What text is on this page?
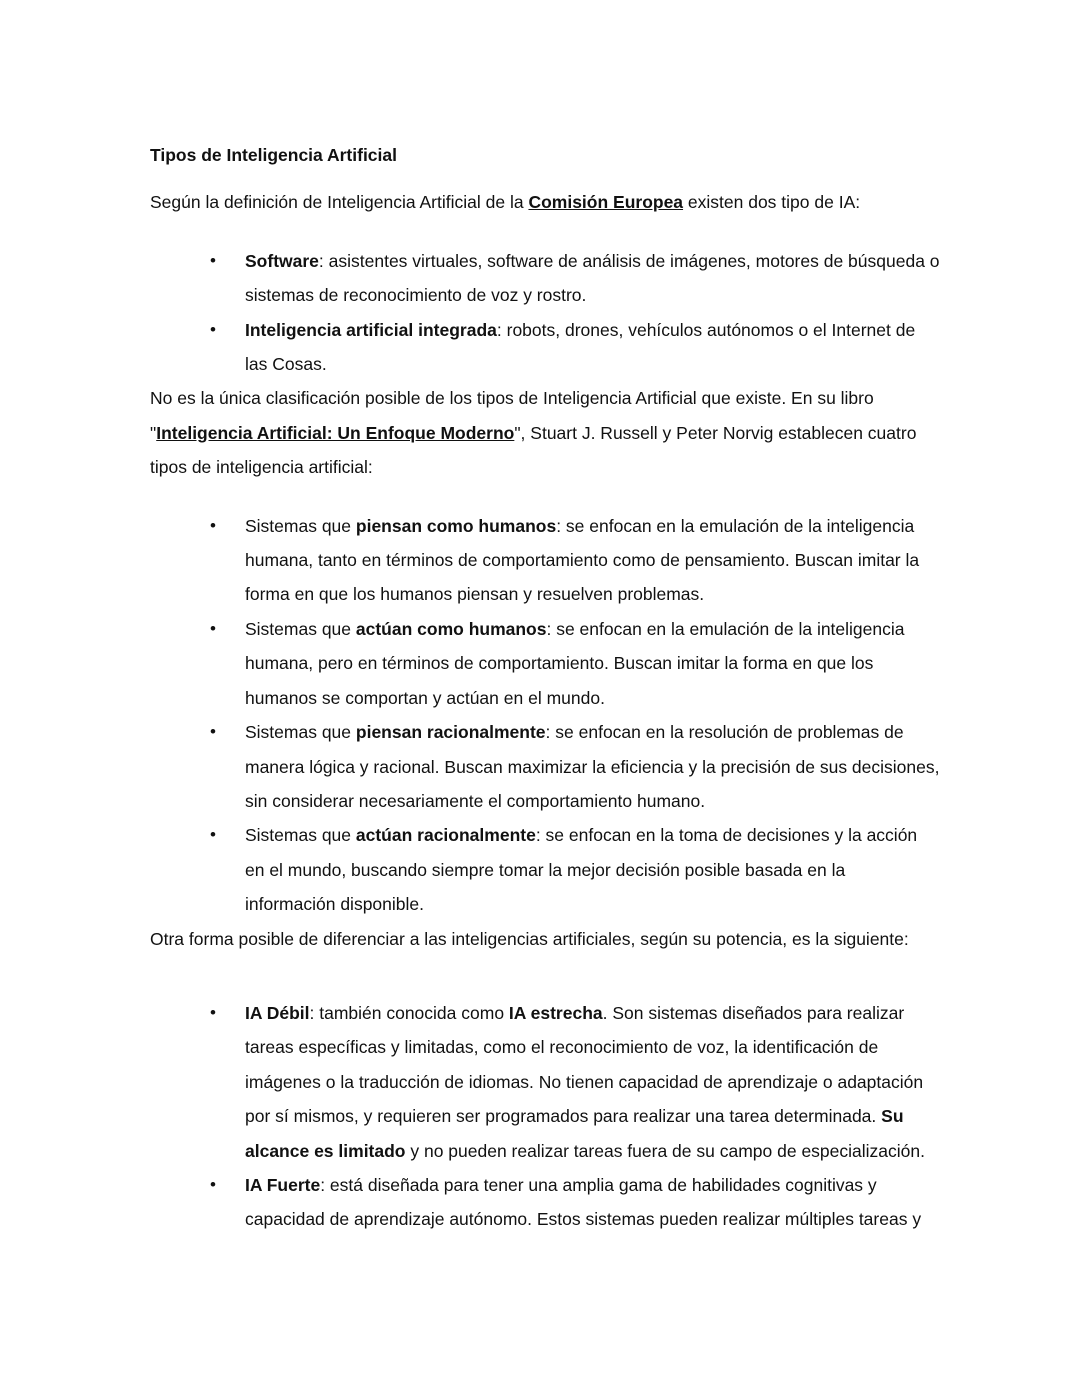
Tipos de Inteligencia Artificial

Según la definición de Inteligencia Artificial de la Comisión Europea existen dos tipo de IA:

• Software: asistentes virtuales, software de análisis de imágenes, motores de búsqueda o sistemas de reconocimiento de voz y rostro.
• Inteligencia artificial integrada: robots, drones, vehículos autónomos o el Internet de las Cosas.

No es la única clasificación posible de los tipos de Inteligencia Artificial que existe. En su libro "Inteligencia Artificial: Un Enfoque Moderno", Stuart J. Russell y Peter Norvig establecen cuatro tipos de inteligencia artificial:

• Sistemas que piensan como humanos: se enfocan en la emulación de la inteligencia humana, tanto en términos de comportamiento como de pensamiento. Buscan imitar la forma en que los humanos piensan y resuelven problemas.
• Sistemas que actúan como humanos: se enfocan en la emulación de la inteligencia humana, pero en términos de comportamiento. Buscan imitar la forma en que los humanos se comportan y actúan en el mundo.
• Sistemas que piensan racionalmente: se enfocan en la resolución de problemas de manera lógica y racional. Buscan maximizar la eficiencia y la precisión de sus decisiones, sin considerar necesariamente el comportamiento humano.
• Sistemas que actúan racionalmente: se enfocan en la toma de decisiones y la acción en el mundo, buscando siempre tomar la mejor decisión posible basada en la información disponible.

Otra forma posible de diferenciar a las inteligencias artificiales, según su potencia, es la siguiente:

• IA Débil: también conocida como IA estrecha. Son sistemas diseñados para realizar tareas específicas y limitadas, como el reconocimiento de voz, la identificación de imágenes o la traducción de idiomas. No tienen capacidad de aprendizaje o adaptación por sí mismos, y requieren ser programados para realizar una tarea determinada. Su alcance es limitado y no pueden realizar tareas fuera de su campo de especialización.
• IA Fuerte: está diseñada para tener una amplia gama de habilidades cognitivas y capacidad de aprendizaje autónomo. Estos sistemas pueden realizar múltiples tareas y
